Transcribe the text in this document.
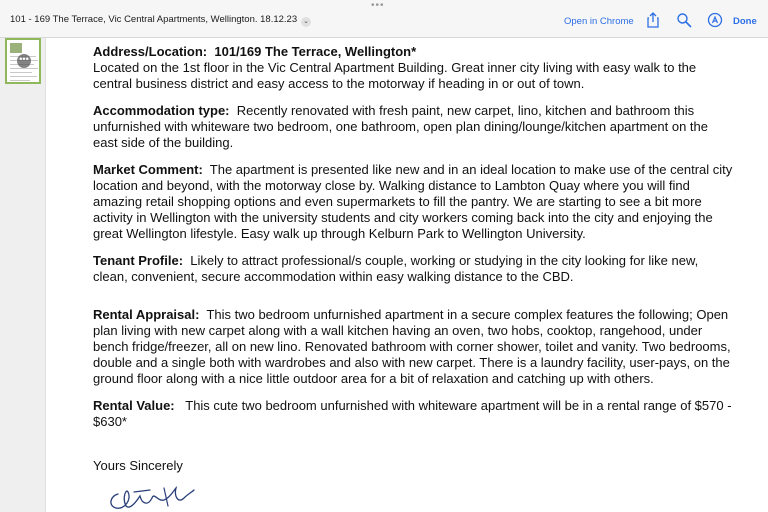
•••
101 - 169 The Terrace, Vic Central Apartments, Wellington. 18.12.23 ⌄	Open in Chrome	Done
•••	Address/Location: 101/169 The Terrace, Wellington*
Located on the 1st floor in the Vic Central Apartment Building. Great inner city living with easy walk to the central business district and easy access to the motorway if heading in or out of town.

Accommodation type: Recently renovated with fresh paint, new carpet, lino, kitchen and bathroom this unfurnished with whiteware two bedroom, one bathroom, open plan dining/lounge/kitchen apartment on the east side of the building.

Market Comment: The apartment is presented like new and in an ideal location to make use of the central city location and beyond, with the motorway close by. Walking distance to Lambton Quay where you will find amazing retail shopping options and even supermarkets to fill the pantry. We are starting to see a bit more activity in Wellington with the university students and city workers coming back into the city and enjoying the great Wellington lifestyle. Easy walk up through Kelburn Park to Wellington University.

Tenant Profile: Likely to attract professional/s couple, working or studying in the city looking for like new, clean, convenient, secure accommodation within easy walking distance to the CBD.

Rental Appraisal: This two bedroom unfurnished apartment in a secure complex features the following; Open plan living with new carpet along with a wall kitchen having an oven, two hobs, cooktop, rangehood, under bench fridge/freezer, all on new lino. Renovated bathroom with corner shower, toilet and vanity. Two bedrooms, double and a single both with wardrobes and also with new carpet. There is a laundry facility, user-pays, on the ground floor along with a nice little outdoor area for a bit of relaxation and catching up with others.

Rental Value: This cute two bedroom unfurnished with whiteware apartment will be in a rental range of $570 - $630*

Yours Sincerely
